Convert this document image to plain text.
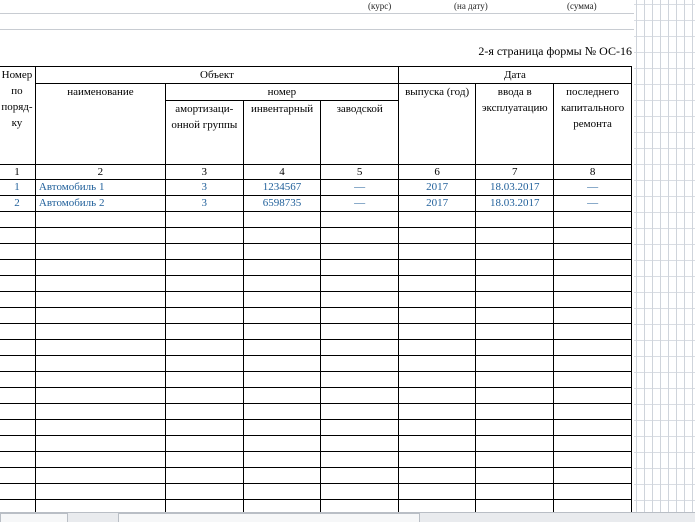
(курс)	(на дату)	(сумма)
2-я страница формы № ОС-16
Номер по поряд- ку	Объект				Дата		
	наименование	номер			выпуска (год)	ввода в эксплуатацию	последнего капитального ремонта
		амортизаци- онной группы	инвентарный	заводской			
1	2	3	4	5	6	7	8
1	Автомобиль 1	3	1234567	—	2017	18.03.2017	—
2	Автомобиль 2	3	6598735	—	2017	18.03.2017	—
